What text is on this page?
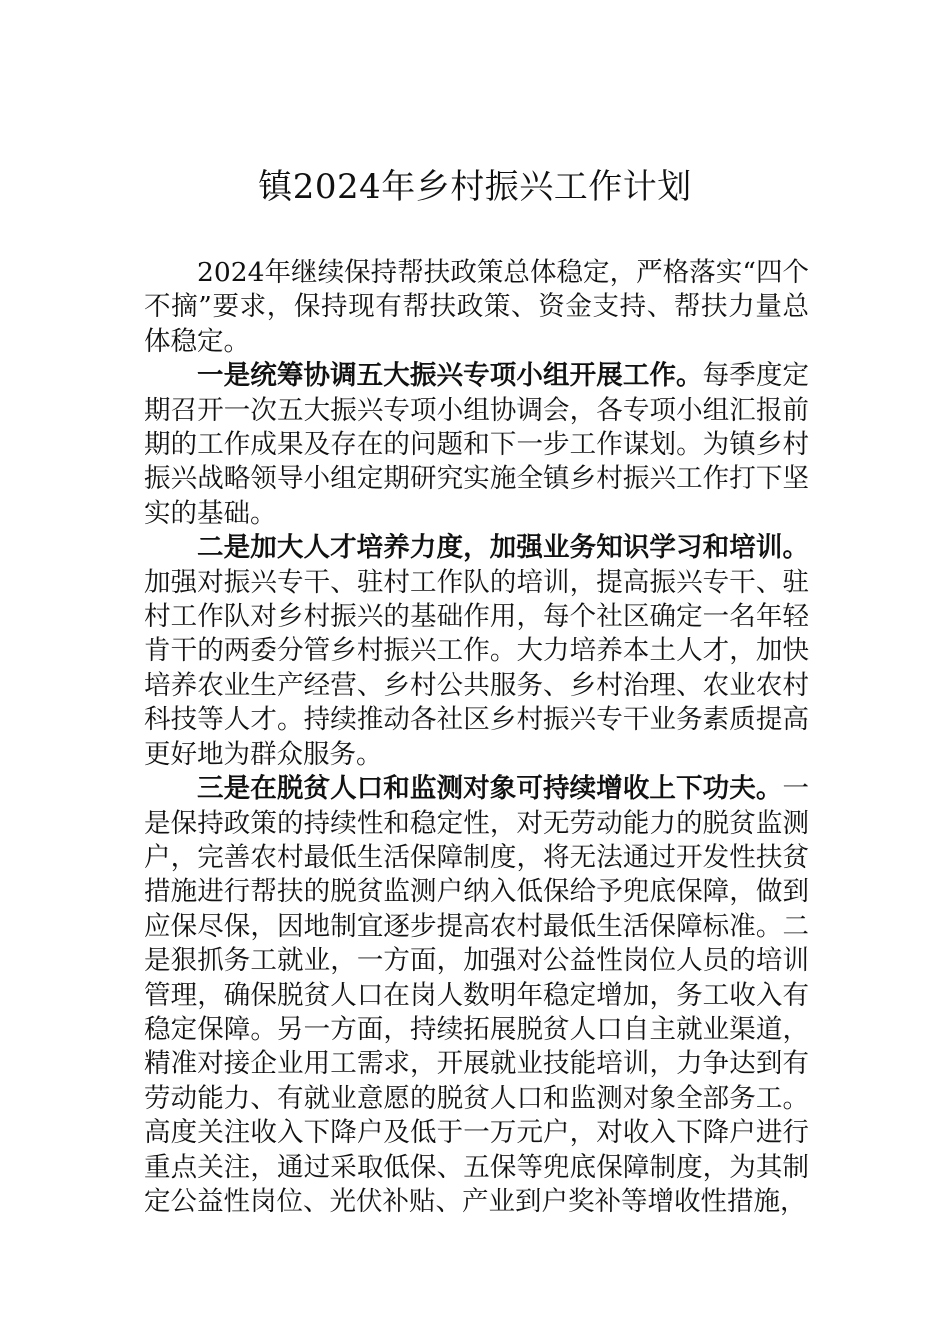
镇2024年乡村振兴工作计划

2024年继续保持帮扶政策总体稳定，严格落实“四个不摘”要求，保持现有帮扶政策、资金支持、帮扶力量总体稳定。

一是统筹协调五大振兴专项小组开展工作。每季度定期召开一次五大振兴专项小组协调会，各专项小组汇报前期的工作成果及存在的问题和下一步工作谋划。为镇乡村振兴战略领导小组定期研究实施全镇乡村振兴工作打下坚实的基础。

二是加大人才培养力度，加强业务知识学习和培训。加强对振兴专干、驻村工作队的培训，提高振兴专干、驻村工作队对乡村振兴的基础作用，每个社区确定一名年轻肯干的两委分管乡村振兴工作。大力培养本土人才，加快培养农业生产经营、乡村公共服务、乡村治理、农业农村科技等人才。持续推动各社区乡村振兴专干业务素质提高更好地为群众服务。

三是在脱贫人口和监测对象可持续增收上下功夫。一是保持政策的持续性和稳定性，对无劳动能力的脱贫监测户，完善农村最低生活保障制度，将无法通过开发性扶贫措施进行帮扶的脱贫监测户纳入低保给予兜底保障，做到应保尽保，因地制宜逐步提高农村最低生活保障标准。二是狠抓务工就业，一方面，加强对公益性岗位人员的培训管理，确保脱贫人口在岗人数明年稳定增加，务工收入有稳定保障。另一方面，持续拓展脱贫人口自主就业渠道，精准对接企业用工需求，开展就业技能培训，力争达到有劳动能力、有就业意愿的脱贫人口和监测对象全部务工。高度关注收入下降户及低于一万元户，对收入下降户进行重点关注，通过采取低保、五保等兜底保障制度，为其制定公益性岗位、光伏补贴、产业到户奖补等增收性措施，
